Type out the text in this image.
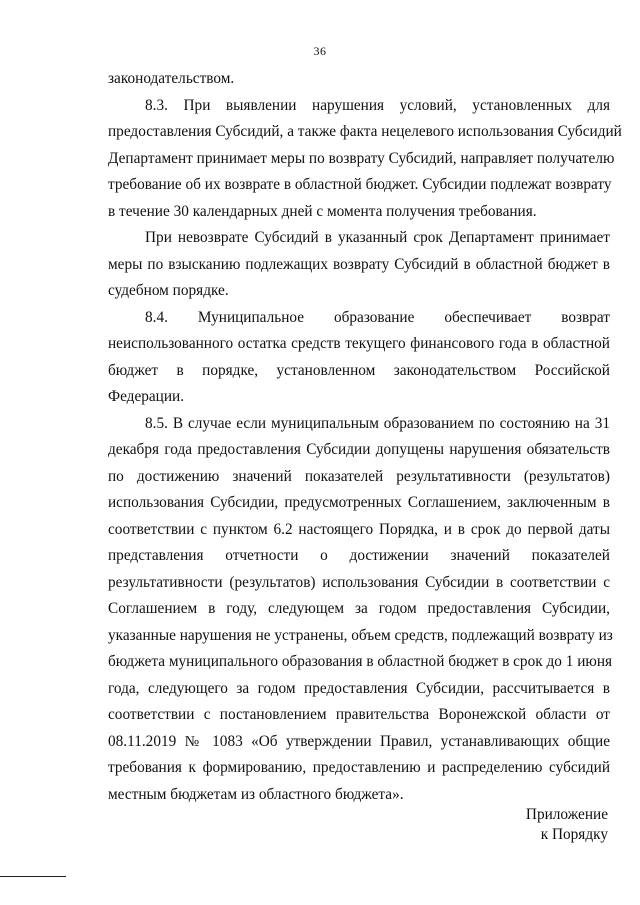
36
законодательством.
8.3. При выявлении нарушения условий, установленных для
предоставления Субсидий, а также факта нецелевого использования Субсидий
Департамент принимает меры по возврату Субсидий, направляет получателю
требование об их возврате в областной бюджет. Субсидии подлежат возврату
в течение 30 календарных дней с момента получения требования.
При невозврате Субсидий в указанный срок Департамент принимает
меры по взысканию подлежащих возврату Субсидий в областной бюджет в
судебном порядке.
8.4. Муниципальное образование обеспечивает возврат
неиспользованного остатка средств текущего финансового года в областной
бюджет в порядке, установленном законодательством Российской
Федерации.
8.5. В случае если муниципальным образованием по состоянию на 31
декабря года предоставления Субсидии допущены нарушения обязательств
по достижению значений показателей результативности (результатов)
использования Субсидии, предусмотренных Соглашением, заключенным в
соответствии с пунктом 6.2 настоящего Порядка, и в срок до первой даты
представления отчетности о достижении значений показателей
результативности (результатов) использования Субсидии в соответствии с
Соглашением в году, следующем за годом предоставления Субсидии,
указанные нарушения не устранены, объем средств, подлежащий возврату из
бюджета муниципального образования в областной бюджет в срок до 1 июня
года, следующего за годом предоставления Субсидии, рассчитывается в
соответствии с постановлением правительства Воронежской области от
08.11.2019 № 1083 «Об утверждении Правил, устанавливающих общие
требования к формированию, предоставлению и распределению субсидий
местным бюджетам из областного бюджета».
Приложение
к Порядку
